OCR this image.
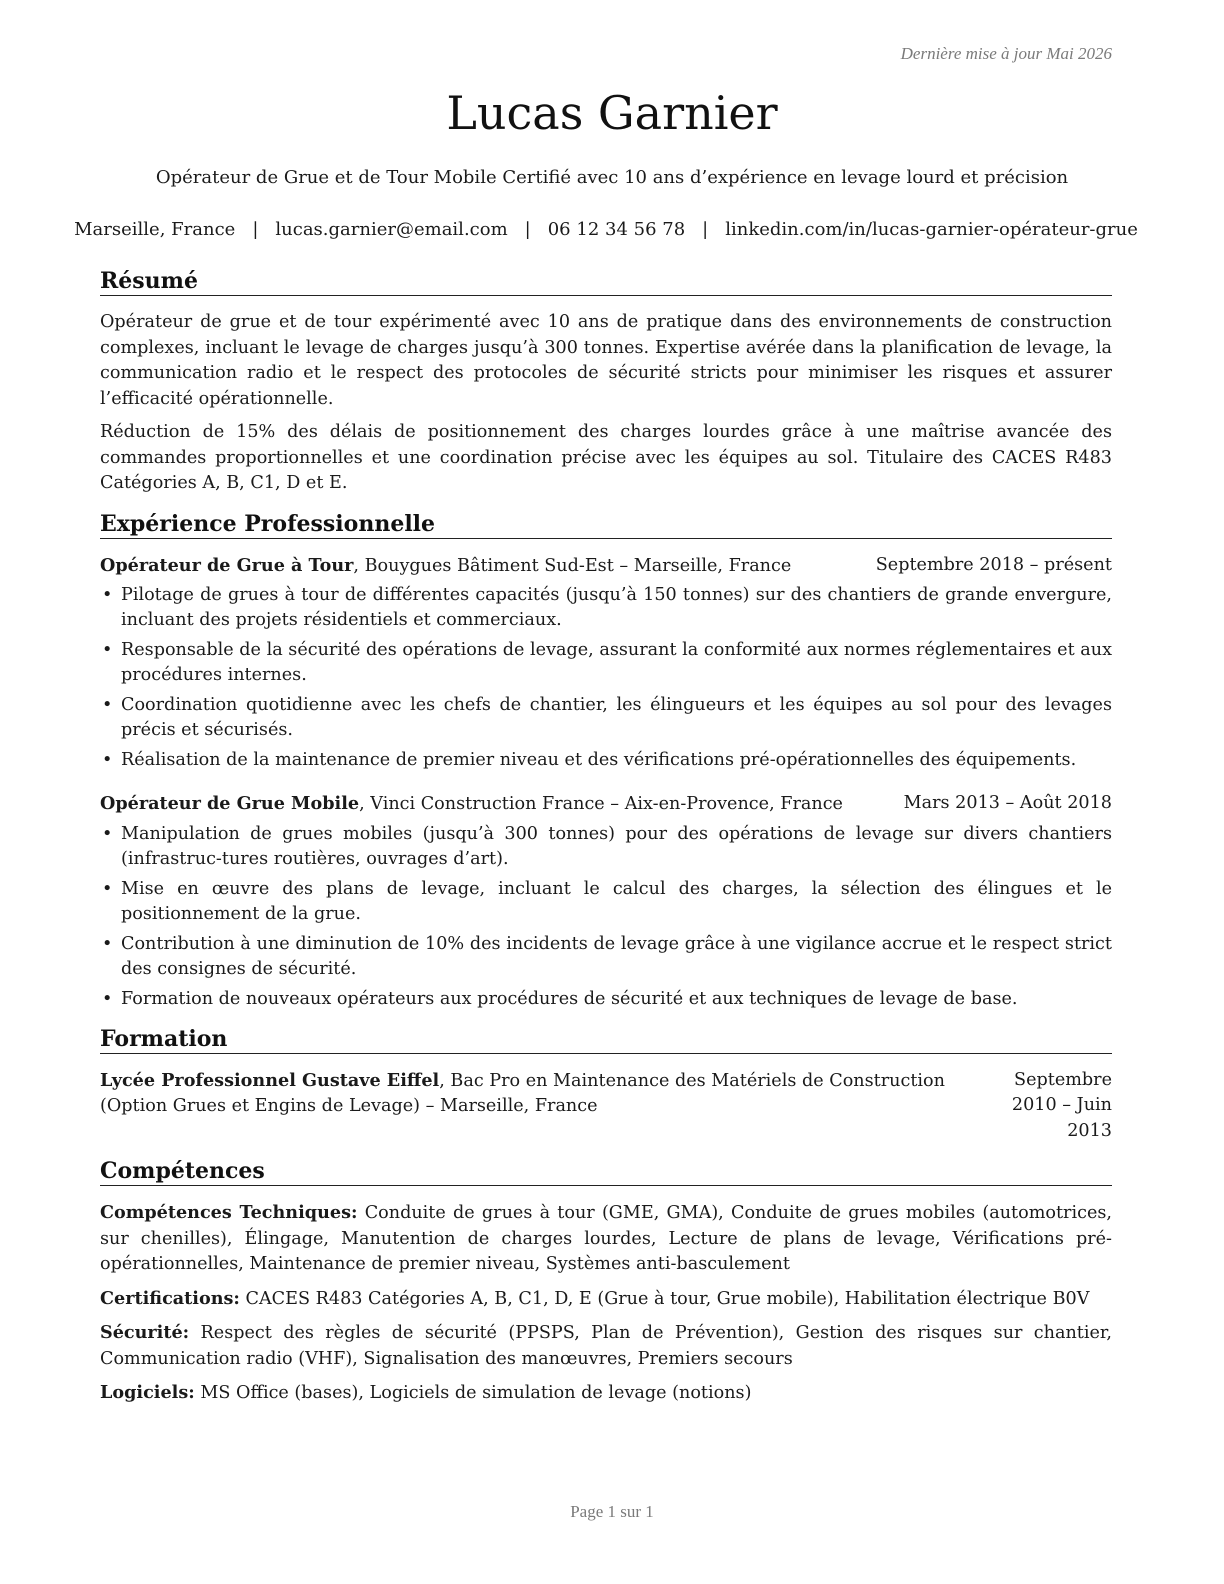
Dernière mise à jour Mai 2026
Lucas Garnier
Opérateur de Grue et de Tour Mobile Certifié avec 10 ans d’expérience en levage lourd et précision
Marseille, France | lucas.garnier@email.com | 06 12 34 56 78 | linkedin.com/in/lucas-garnier-opérateur-grue
Résumé

Opérateur de grue et de tour expérimenté avec 10 ans de pratique dans des environnements de construction complexes, incluant le levage de charges jusqu’à 300 tonnes. Expertise avérée dans la planification de levage, la communication radio et le respect des protocoles de sécurité stricts pour minimiser les risques et assurer l’efficacité opérationnelle.

Réduction de 15% des délais de positionnement des charges lourdes grâce à une maîtrise avancée des commandes proportionnelles et une coordination précise avec les équipes au sol. Titulaire des CACES R483 Catégories A, B, C1, D et E.

Expérience Professionnelle
Opérateur de Grue à Tour, Bouygues Bâtiment Sud-Est – Marseille, France	Septembre 2018 – présent
• Pilotage de grues à tour de différentes capacités (jusqu’à 150 tonnes) sur des chantiers de grande envergure, incluant des projets résidentiels et commerciaux.
• Responsable de la sécurité des opérations de levage, assurant la conformité aux normes réglementaires et aux procédures internes.
• Coordination quotidienne avec les chefs de chantier, les élingueurs et les équipes au sol pour des levages précis et sécurisés.
• Réalisation de la maintenance de premier niveau et des vérifications pré-opérationnelles des équipements.
Opérateur de Grue Mobile, Vinci Construction France – Aix-en-Provence, France	Mars 2013 – Août 2018
• Manipulation de grues mobiles (jusqu’à 300 tonnes) pour des opérations de levage sur divers chantiers (infrastruc-tures routières, ouvrages d’art).
• Mise en œuvre des plans de levage, incluant le calcul des charges, la sélection des élingues et le positionnement de la grue.
• Contribution à une diminution de 10% des incidents de levage grâce à une vigilance accrue et le respect strict des consignes de sécurité.
• Formation de nouveaux opérateurs aux procédures de sécurité et aux techniques de levage de base.
Formation
Lycée Professionnel Gustave Eiffel, Bac Pro en Maintenance des Matériels de Construction (Option Grues et Engins de Levage) – Marseille, France
Septembre 2010 – Juin 2013
Compétences

Compétences Techniques: Conduite de grues à tour (GME, GMA), Conduite de grues mobiles (automotrices, sur chenilles), Élingage, Manutention de charges lourdes, Lecture de plans de levage, Vérifications pré-opérationnelles, Maintenance de premier niveau, Systèmes anti-basculement

Certifications: CACES R483 Catégories A, B, C1, D, E (Grue à tour, Grue mobile), Habilitation électrique B0V

Sécurité: Respect des règles de sécurité (PPSPS, Plan de Prévention), Gestion des risques sur chantier, Communication radio (VHF), Signalisation des manœuvres, Premiers secours

Logiciels: MS Office (bases), Logiciels de simulation de levage (notions)

Page 1 sur 1
